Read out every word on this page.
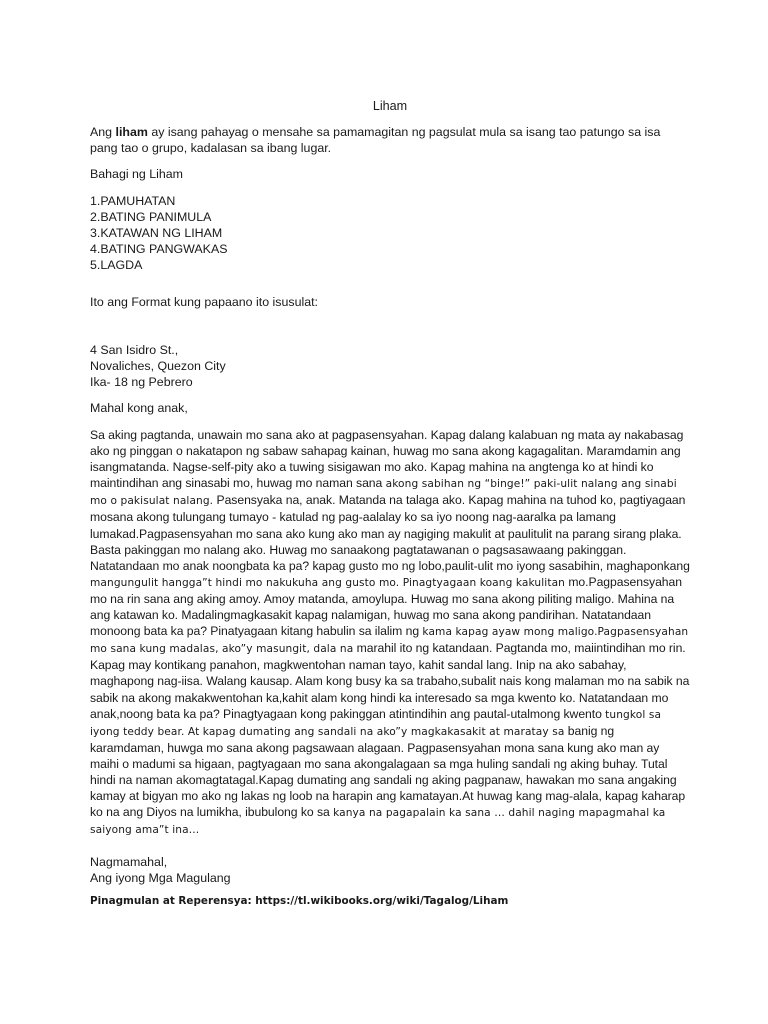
Liham

Ang liham ay isang pahayag o mensahe sa pamamagitan ng pagsulat mula sa isang tao patungo sa isa pang tao o grupo, kadalasan sa ibang lugar.

Bahagi ng Liham

1.PAMUHATAN
2.BATING PANIMULA
3.KATAWAN NG LIHAM
4.BATING PANGWAKAS
5.LAGDA

Ito ang Format kung papaano ito isusulat:

4 San Isidro St.,
Novaliches, Quezon City
Ika- 18 ng Pebrero

Mahal kong anak,

Sa aking pagtanda, unawain mo sana ako at pagpasensyahan. Kapag dalang kalabuan ng mata ay nakabasag ako ng pinggan o nakatapon ng sabaw sahapag kainan, huwag mo sana akong kagagalitan. Maramdamin ang isangmatanda. Nagse-self-pity ako a tuwing sisigawan mo ako. Kapag mahina na angtenga ko at hindi ko maintindihan ang sinasabi mo, huwag mo naman sana akong sabihan ng “binge!” paki-ulit nalang ang sinabi mo o pakisulat nalang. Pasensyaka na, anak. Matanda na talaga ako. Kapag mahina na tuhod ko, pagtiyagaan mosana akong tulungang tumayo - katulad ng pag-aalalay ko sa iyo noong nag-aaralka pa lamang lumakad.Pagpasensyahan mo sana ako kung ako man ay nagiging makulit at paulitulit na parang sirang plaka. Basta pakinggan mo nalang ako. Huwag mo sanaakong pagtatawanan o pagsasawaang pakinggan. Natatandaan mo anak noongbata ka pa? kapag gusto mo ng lobo,paulit-ulit mo iyong sasabihin, maghaponkang mangungulit hangga”t hindi mo nakukuha ang gusto mo. Pinagtyagaan koang kakulitan mo.Pagpasensyahan mo na rin sana ang aking amoy. Amoy matanda, amoylupa. Huwag mo sana akong piliting maligo. Mahina na ang katawan ko. Madalingmagkasakit kapag nalamigan, huwag mo sana akong pandirihan. Natatandaan monoong bata ka pa? Pinatyagaan kitang habulin sa ilalim ng kama kapag ayaw mong maligo.Pagpasensyahan mo sana kung madalas, ako”y masungit, dala na marahil ito ng katandaan. Pagtanda mo, maiintindihan mo rin. Kapag may kontikang panahon, magkwentohan naman tayo, kahit sandal lang. Inip na ako sabahay, maghapong nag-iisa. Walang kausap. Alam kong busy ka sa trabaho,subalit nais kong malaman mo na sabik na sabik na akong makakwentohan ka,kahit alam kong hindi ka interesado sa mga kwento ko. Natatandaan mo anak,noong bata ka pa? Pinagtyagaan kong pakinggan atintindihin ang pautal-utalmong kwento tungkol sa iyong teddy bear. At kapag dumating ang sandali na ako”y magkakasakit at maratay sa banig ng karamdaman, huwga mo sana akong pagsawaan alagaan. Pagpasensyahan mona sana kung ako man ay maihi o madumi sa higaan, pagtyagaan mo sana akongalagaan sa mga huling sandali ng aking buhay. Tutal hindi na naman akomagtatagal.Kapag dumating ang sandali ng aking pagpanaw, hawakan mo sana angaking kamay at bigyan mo ako ng lakas ng loob na harapin ang kamatayan.At huwag kang mag-alala, kapag kaharap ko na ang Diyos na lumikha, ibubulong ko sa kanya na pagapalain ka sana … dahil naging mapagmahal ka saiyong ama”t ina…

Nagmamahal,
Ang iyong Mga Magulang

Pinagmulan at Reperensya: https://tl.wikibooks.org/wiki/Tagalog/Liham
